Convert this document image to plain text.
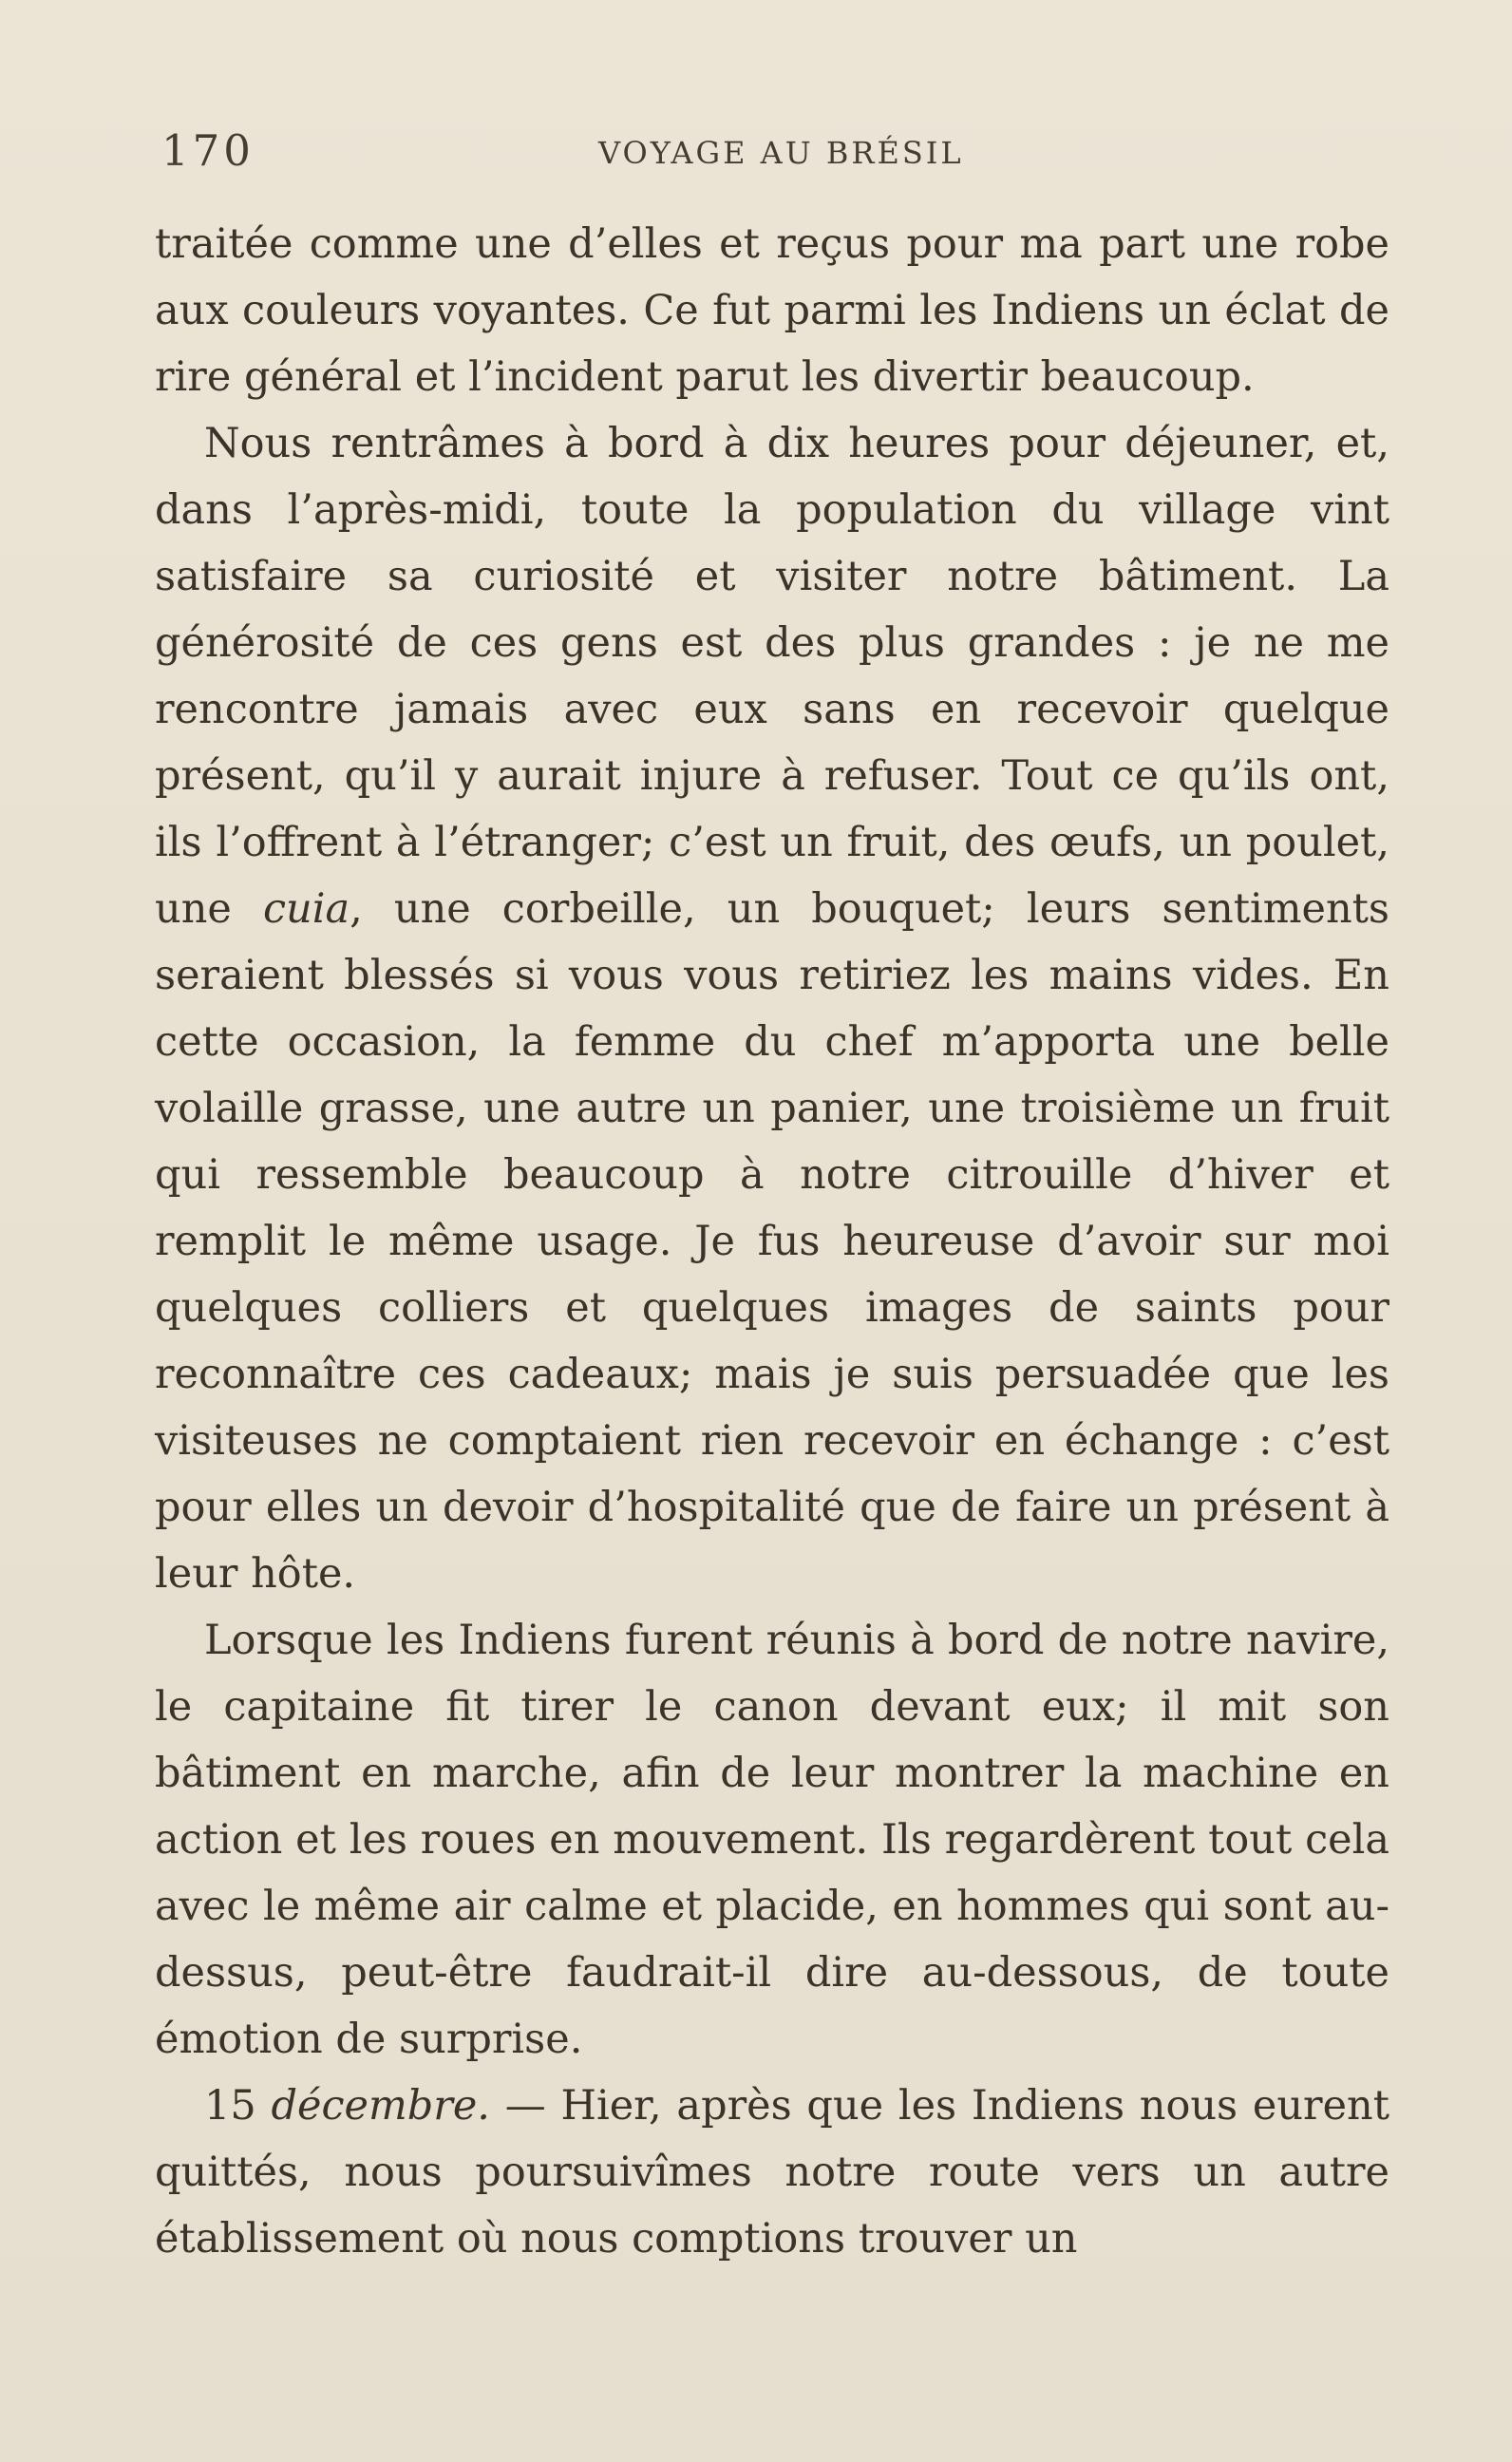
170	VOYAGE AU BRÉSIL

traitée comme une d’elles et reçus pour ma part une robe aux couleurs voyantes. Ce fut parmi les Indiens un éclat de rire général et l’incident parut les divertir beaucoup.

Nous rentrâmes à bord à dix heures pour déjeuner, et, dans l’après-midi, toute la population du village vint satisfaire sa curiosité et visiter notre bâtiment. La générosité de ces gens est des plus grandes : je ne me rencontre jamais avec eux sans en recevoir quelque présent, qu’il y aurait injure à refuser. Tout ce qu’ils ont, ils l’offrent à l’étranger; c’est un fruit, des œufs, un poulet, une cuia, une corbeille, un bouquet; leurs sentiments seraient blessés si vous vous retiriez les mains vides. En cette occasion, la femme du chef m’apporta une belle volaille grasse, une autre un panier, une troisième un fruit qui ressemble beaucoup à notre citrouille d’hiver et remplit le même usage. Je fus heureuse d’avoir sur moi quelques colliers et quelques images de saints pour reconnaître ces cadeaux; mais je suis persuadée que les visiteuses ne comptaient rien recevoir en échange : c’est pour elles un devoir d’hospitalité que de faire un présent à leur hôte.

Lorsque les Indiens furent réunis à bord de notre navire, le capitaine fit tirer le canon devant eux; il mit son bâtiment en marche, afin de leur montrer la machine en action et les roues en mouvement. Ils regardèrent tout cela avec le même air calme et placide, en hommes qui sont au-dessus, peut-être faudrait-il dire au-dessous, de toute émotion de surprise.

15 décembre. — Hier, après que les Indiens nous eurent quittés, nous poursuivîmes notre route vers un autre établissement où nous comptions trouver un
